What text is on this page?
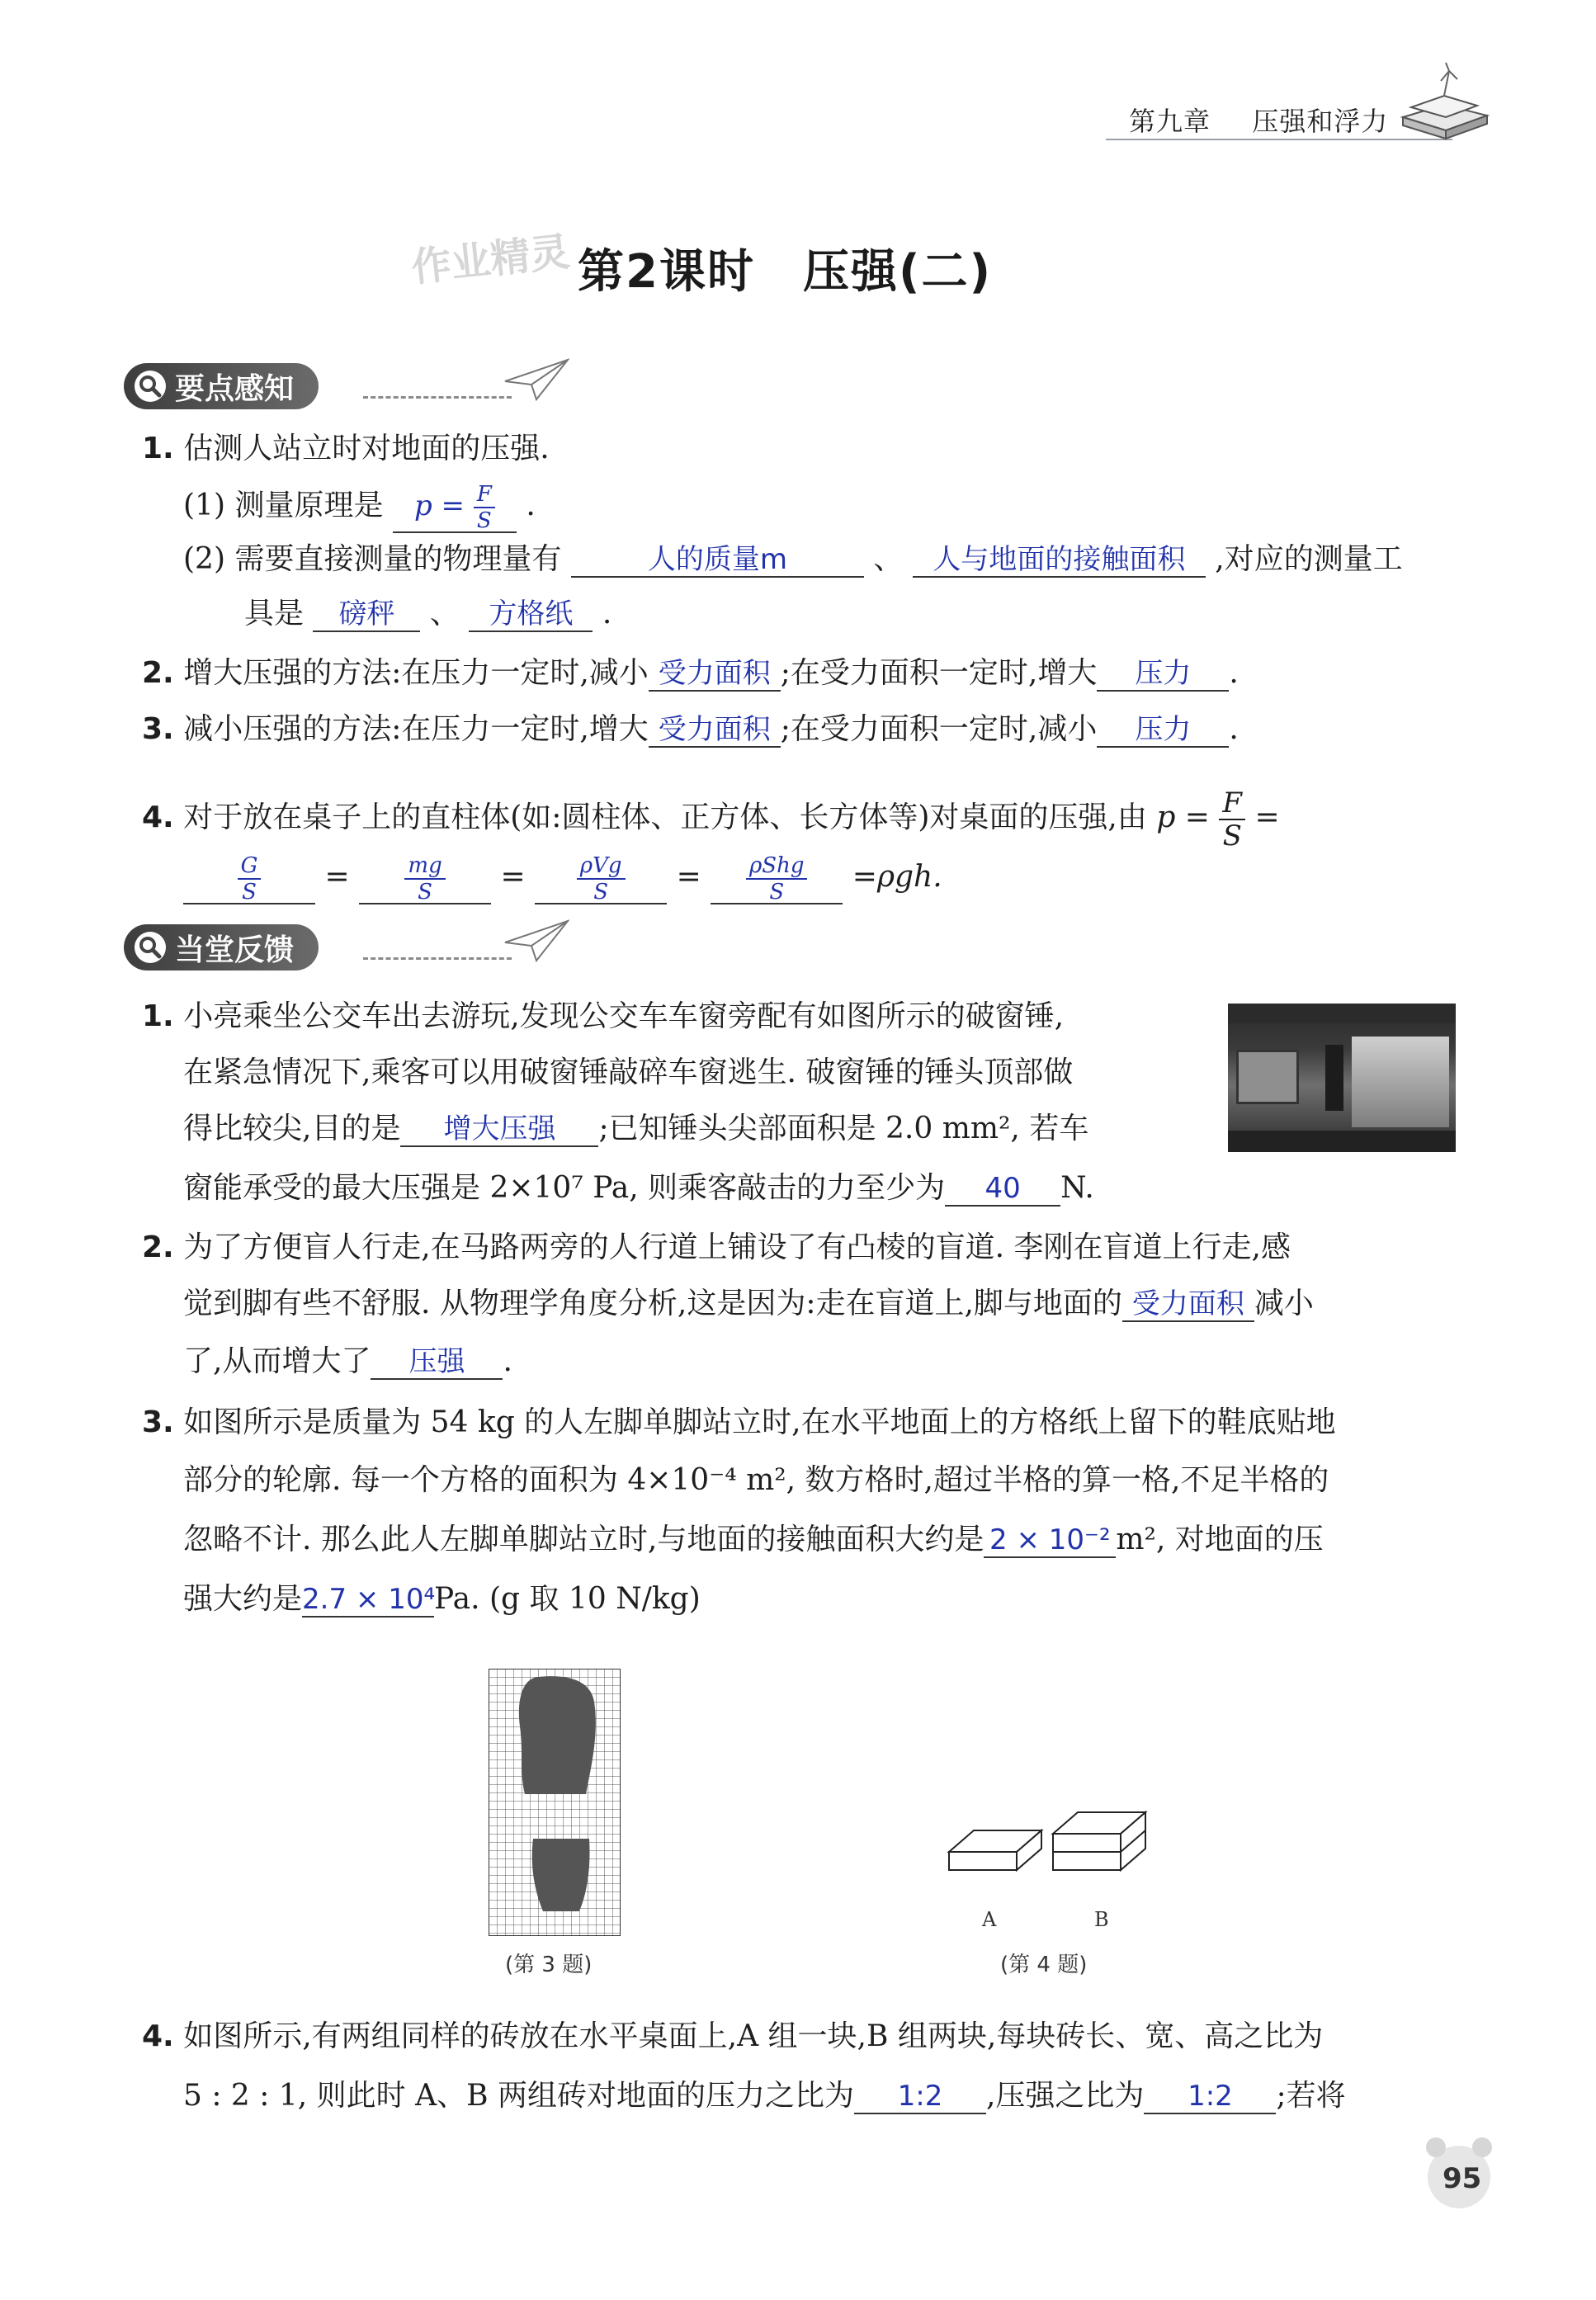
第九章 压强和浮力
作业精灵 第2课时　压强(二)
要点感知
1. 估测人站立时对地面的压强.
(1) 测量原理是 $p = \frac{F}{S}$ .
(2) 需要直接测量的物理量有	人的质量m	、 人与地面的接触面积 ,对应的测量工
具是 磅秤 、 方格纸 .
2. 增大压强的方法:在压力一定时,减小 受力面积 ;在受力面积一定时,增大 压力 .
3. 减小压强的方法:在压力一定时,增大 受力面积 ;在受力面积一定时,减小 压力 .
4. 对于放在桌子上的直柱体(如:圆柱体、正方体、长方体等)对桌面的压强,由 $p = \frac{F}{S}$ =
$\frac{G}{S}$ =	$\frac{mg}{S} = \frac{\text{ρVg}}{S} = \frac{\text{ρShg}}{S} =\rho gh$.
当堂反馈
1. 小亮乘坐公交车出去游玩,发现公交车车窗旁配有如图所示的破窗锤,
在紧急情况下,乘客可以用破窗锤敲碎车窗逃生. 破窗锤的锤头顶部做
得比较尖,目的是 增大压强 ;已知锤头尖部面积是 2.0 mm², 若车
窗能承受的最大压强是 2×10⁷ Pa, 则乘客敲击的力至少为 40 N.
2. 为了方便盲人行走,在马路两旁的人行道上铺设了有凸棱的盲道. 李刚在盲道上行走,感
觉到脚有些不舒服. 从物理学角度分析,这是因为:走在盲道上,脚与地面的 受力面积 减小
了,从而增大了 压强 .
3. 如图所示是质量为 54 kg 的人左脚单脚站立时,在水平地面上的方格纸上留下的鞋底贴地
部分的轮廓. 每一个方格的面积为 4×10⁻⁴ m², 数方格时,超过半格的算一格,不足半格的
忽略不计. 那么此人左脚单脚站立时,与地面的接触面积大约是 2 × 10⁻² m², 对地面的压
强大约是2.7 × 10⁴Pa. (g 取 10 N/kg)
(第 3 题)
A	B
(第 4 题)
4. 如图所示,有两组同样的砖放在水平桌面上,A 组一块,B 组两块,每块砖长、宽、高之比为
5 : 2 : 1, 则此时 A、B 两组砖对地面的压力之比为 1:2 ,压强之比为 1:2 ;若将
95
